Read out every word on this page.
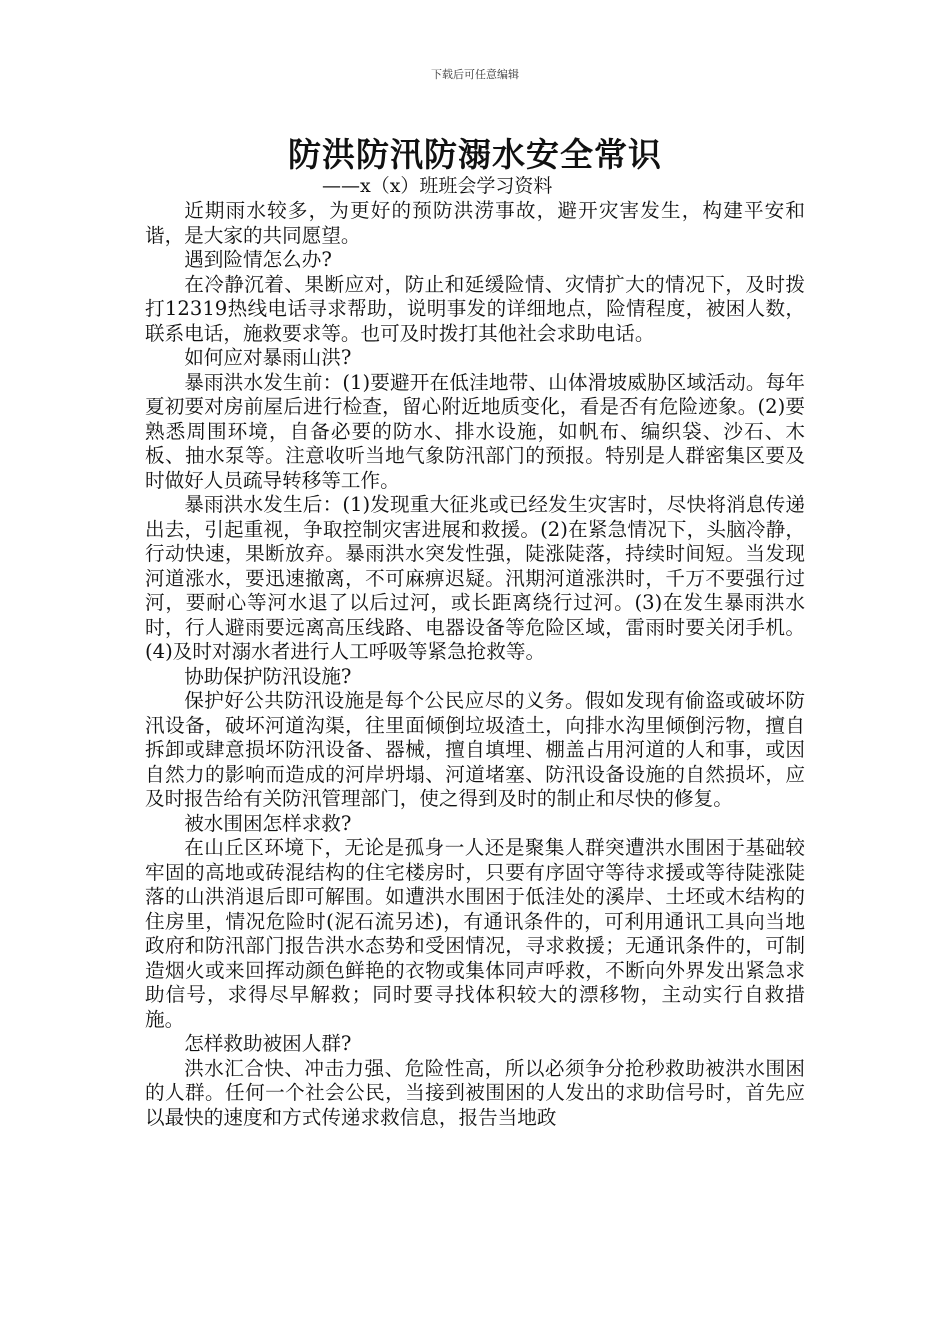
下载后可任意编辑
防洪防汛防溺水安全常识
——x（x）班班会学习资料

近期雨水较多，为更好的预防洪涝事故，避开灾害发生，构建平安和谐，是大家的共同愿望。

遇到险情怎么办?

在冷静沉着、果断应对，防止和延缓险情、灾情扩大的情况下，及时拨打12319热线电话寻求帮助，说明事发的详细地点，险情程度，被困人数，联系电话，施救要求等。也可及时拨打其他社会求助电话。

如何应对暴雨山洪?

暴雨洪水发生前：(1)要避开在低洼地带、山体滑坡威胁区域活动。每年夏初要对房前屋后进行检查，留心附近地质变化，看是否有危险迹象。(2)要熟悉周围环境，自备必要的防水、排水设施，如帆布、编织袋、沙石、木板、抽水泵等。注意收听当地气象防汛部门的预报。特别是人群密集区要及时做好人员疏导转移等工作。

暴雨洪水发生后：(1)发现重大征兆或已经发生灾害时，尽快将消息传递出去，引起重视，争取控制灾害进展和救援。(2)在紧急情况下，头脑冷静，行动快速，果断放弃。暴雨洪水突发性强，陡涨陡落，持续时间短。当发现河道涨水，要迅速撤离，不可麻痹迟疑。汛期河道涨洪时，千万不要强行过河，要耐心等河水退了以后过河，或长距离绕行过河。(3)在发生暴雨洪水时，行人避雨要远离高压线路、电器设备等危险区域，雷雨时要关闭手机。(4)及时对溺水者进行人工呼吸等紧急抢救等。

协助保护防汛设施?

保护好公共防汛设施是每个公民应尽的义务。假如发现有偷盗或破坏防汛设备，破坏河道沟渠，往里面倾倒垃圾渣土，向排水沟里倾倒污物，擅自拆卸或肆意损坏防汛设备、器械，擅自填埋、棚盖占用河道的人和事，或因自然力的影响而造成的河岸坍塌、河道堵塞、防汛设备设施的自然损坏，应及时报告给有关防汛管理部门，使之得到及时的制止和尽快的修复。

被水围困怎样求救?

在山丘区环境下，无论是孤身一人还是聚集人群突遭洪水围困于基础较牢固的高地或砖混结构的住宅楼房时，只要有序固守等待求援或等待陡涨陡落的山洪消退后即可解围。如遭洪水围困于低洼处的溪岸、土坯或木结构的住房里，情况危险时(泥石流另述)，有通讯条件的，可利用通讯工具向当地政府和防汛部门报告洪水态势和受困情况，寻求救援；无通讯条件的，可制造烟火或来回挥动颜色鲜艳的衣物或集体同声呼救，不断向外界发出紧急求助信号，求得尽早解救；同时要寻找体积较大的漂移物，主动实行自救措施。

怎样救助被困人群?

洪水汇合快、冲击力强、危险性高，所以必须争分抢秒救助被洪水围困的人群。任何一个社会公民，当接到被围困的人发出的求助信号时，首先应以最快的速度和方式传递求救信息，报告当地政
